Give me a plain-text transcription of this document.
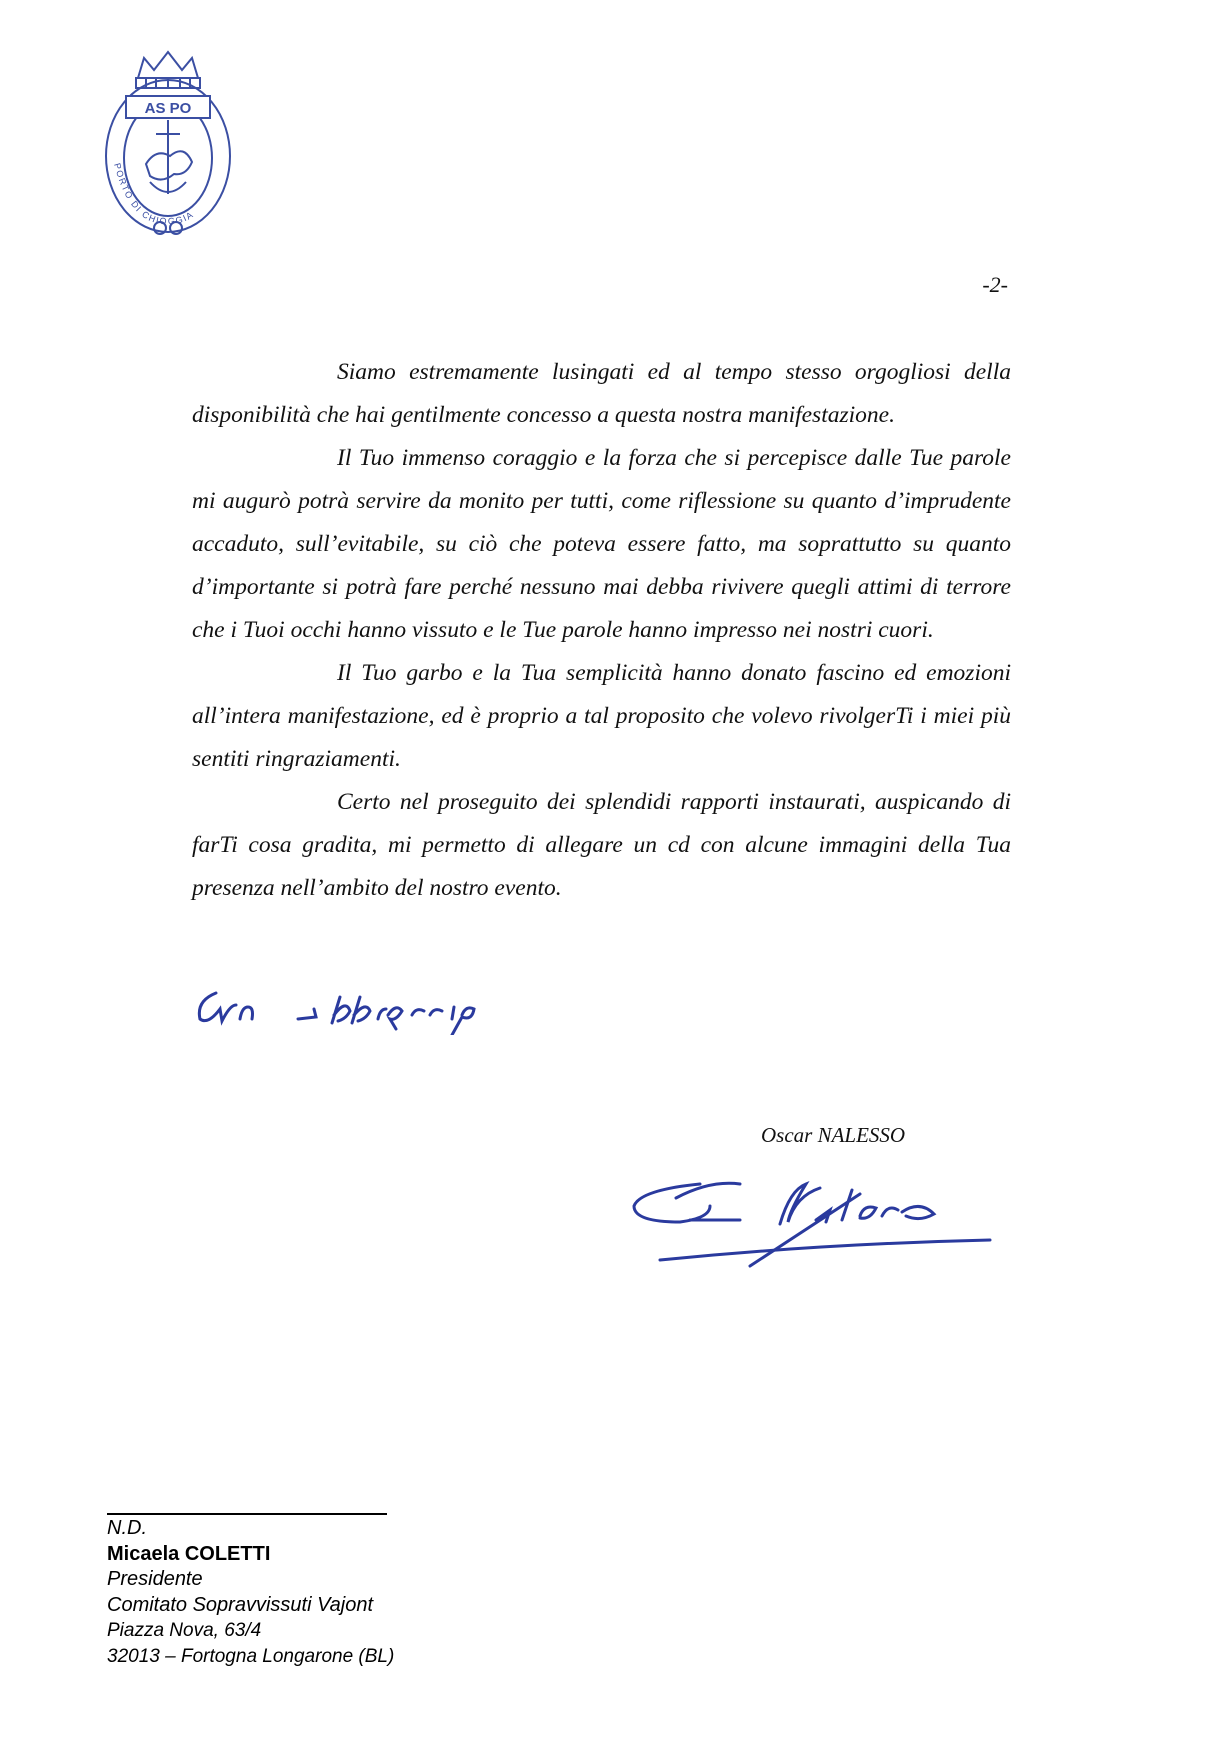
AS PO
PORTO DI CHIOGGIA
-2-

Siamo estremamente lusingati ed al tempo stesso orgogliosi della disponibilità che hai gentilmente concesso a questa nostra manifestazione.

Il Tuo immenso coraggio e la forza che si percepisce dalle Tue parole mi augurò potrà servire da monito per tutti, come riflessione su quanto d’imprudente accaduto, sull’evitabile, su ciò che poteva essere fatto, ma soprattutto su quanto d’importante si potrà fare perché nessuno mai debba rivivere quegli attimi di terrore che i Tuoi occhi hanno vissuto e le Tue parole hanno impresso nei nostri cuori.

Il Tuo garbo e la Tua semplicità hanno donato fascino ed emozioni all’intera manifestazione, ed è proprio a tal proposito che volevo rivolgerTi i miei più sentiti ringraziamenti.

Certo nel proseguito dei splendidi rapporti instaurati, auspicando di farTi cosa gradita, mi permetto di allegare un cd con alcune immagini della Tua presenza nell’ambito del nostro evento.

Oscar NALESSO
N.D.
Micaela COLETTI
Presidente
Comitato Sopravvissuti Vajont
Piazza Nova, 63/4
32013 – Fortogna Longarone (BL)
